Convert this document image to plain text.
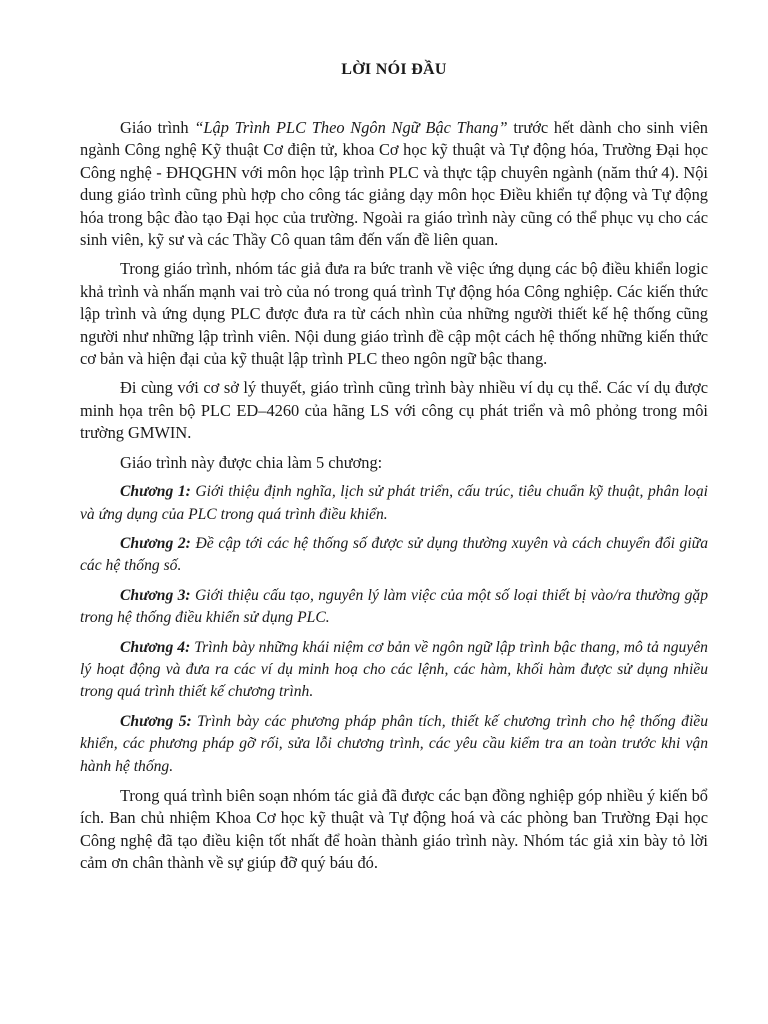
LỜI NÓI ĐẦU

Giáo trình “Lập Trình PLC Theo Ngôn Ngữ Bậc Thang” trước hết dành cho sinh viên ngành Công nghệ Kỹ thuật Cơ điện tử, khoa Cơ học kỹ thuật và Tự động hóa, Trường Đại học Công nghệ - ĐHQGHN với môn học lập trình PLC và thực tập chuyên ngành (năm thứ 4). Nội dung giáo trình cũng phù hợp cho công tác giảng dạy môn học Điều khiển tự động và Tự động hóa trong bậc đào tạo Đại học của trường. Ngoài ra giáo trình này cũng có thể phục vụ cho các sinh viên, kỹ sư và các Thầy Cô quan tâm đến vấn đề liên quan.

Trong giáo trình, nhóm tác giả đưa ra bức tranh về việc ứng dụng các bộ điều khiển logic khả trình và nhấn mạnh vai trò của nó trong quá trình Tự động hóa Công nghiệp. Các kiến thức lập trình và ứng dụng PLC được đưa ra từ cách nhìn của những người thiết kế hệ thống cũng người như những lập trình viên. Nội dung giáo trình đề cập một cách hệ thống những kiến thức cơ bản và hiện đại của kỹ thuật lập trình PLC theo ngôn ngữ bậc thang.

Đi cùng với cơ sở lý thuyết, giáo trình cũng trình bày nhiều ví dụ cụ thể. Các ví dụ được minh họa trên bộ PLC ED–4260 của hãng LS với công cụ phát triển và mô phỏng trong môi trường GMWIN.

Giáo trình này được chia làm 5 chương:

Chương 1: Giới thiệu định nghĩa, lịch sử phát triển, cấu trúc, tiêu chuẩn kỹ thuật, phân loại và ứng dụng của PLC trong quá trình điều khiển.

Chương 2: Đề cập tới các hệ thống số được sử dụng thường xuyên và cách chuyển đổi giữa các hệ thống số.

Chương 3: Giới thiệu cấu tạo, nguyên lý làm việc của một số loại thiết bị vào/ra thường gặp trong hệ thống điều khiển sử dụng PLC.

Chương 4: Trình bày những khái niệm cơ bản về ngôn ngữ lập trình bậc thang, mô tả nguyên lý hoạt động và đưa ra các ví dụ minh hoạ cho các lệnh, các hàm, khối hàm được sử dụng nhiều trong quá trình thiết kế chương trình.

Chương 5: Trình bày các phương pháp phân tích, thiết kế chương trình cho hệ thống điều khiển, các phương pháp gỡ rối, sửa lỗi chương trình, các yêu cầu kiểm tra an toàn trước khi vận hành hệ thống.

Trong quá trình biên soạn nhóm tác giả đã được các bạn đồng nghiệp góp nhiều ý kiến bổ ích. Ban chủ nhiệm Khoa Cơ học kỹ thuật và Tự động hoá và các phòng ban Trường Đại học Công nghệ đã tạo điều kiện tốt nhất để hoàn thành giáo trình này. Nhóm tác giả xin bày tỏ lời cảm ơn chân thành về sự giúp đỡ quý báu đó.
